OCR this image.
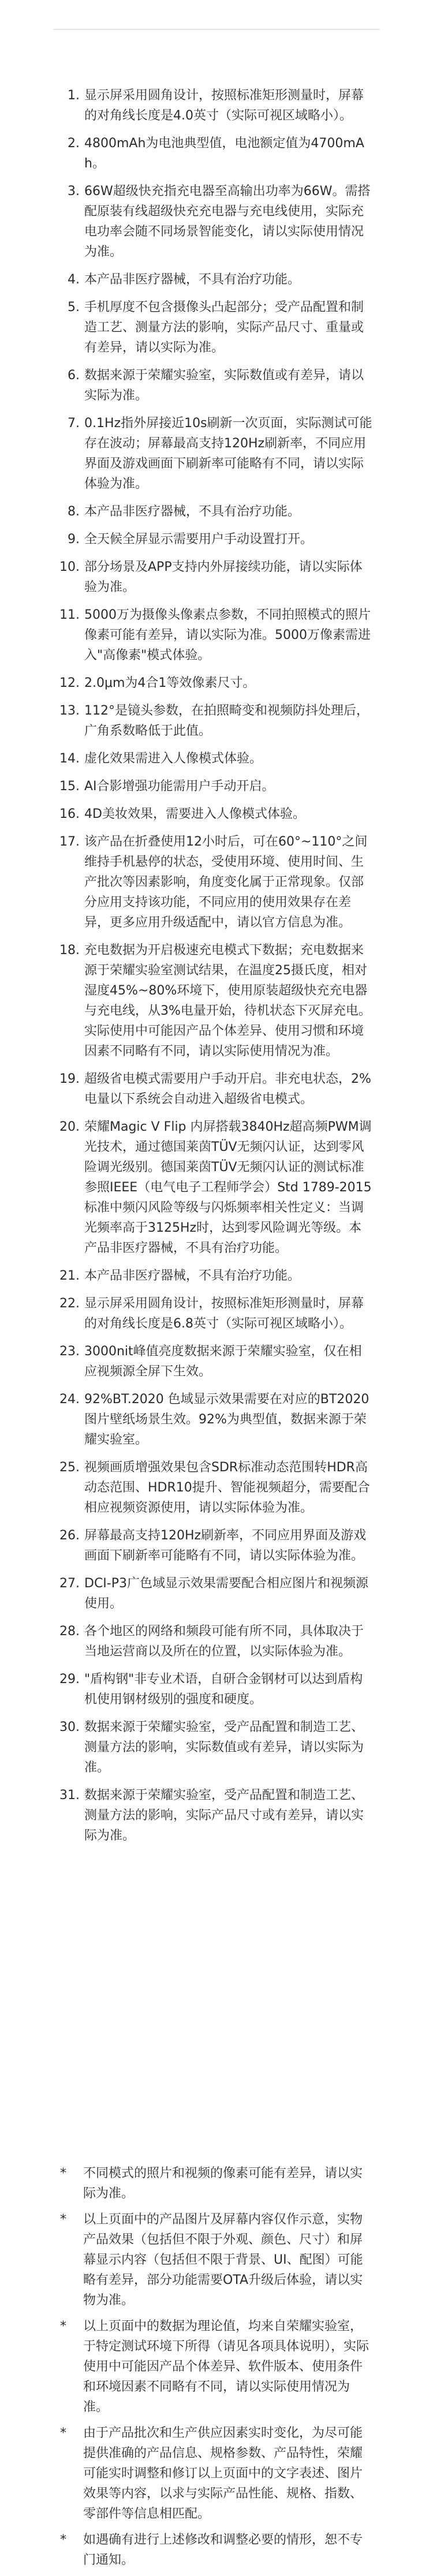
1. 显示屏采用圆角设计，按照标准矩形测量时，屏幕的对角线长度是4.0英寸（实际可视区域略小）。
2. 4800mAh为电池典型值，电池额定值为4700mAh。
3. 66W超级快充指充电器至高输出功率为66W。需搭配原装有线超级快充充电器与充电线使用，实际充电功率会随不同场景智能变化，请以实际使用情况为准。
4. 本产品非医疗器械，不具有治疗功能。
5. 手机厚度不包含摄像头凸起部分；受产品配置和制造工艺、测量方法的影响，实际产品尺寸、重量或有差异，请以实际为准。
6. 数据来源于荣耀实验室，实际数值或有差异，请以实际为准。
7. 0.1Hz指外屏接近10s刷新一次页面，实际测试可能存在波动；屏幕最高支持120Hz刷新率，不同应用界面及游戏画面下刷新率可能略有不同，请以实际体验为准。
8. 本产品非医疗器械，不具有治疗功能。
9. 全天候全屏显示需要用户手动设置打开。
10. 部分场景及APP支持内外屏接续功能，请以实际体验为准。
11. 5000万为摄像头像素点参数，不同拍照模式的照片像素可能有差异，请以实际为准。5000万像素需进入"高像素"模式体验。
12. 2.0μm为4合1等效像素尺寸。
13. 112°是镜头参数，在拍照畸变和视频防抖处理后，广角系数略低于此值。
14. 虚化效果需进入人像模式体验。
15. AI合影增强功能需用户手动开启。
16. 4D美妆效果，需要进入人像模式体验。
17. 该产品在折叠使用12小时后，可在60°~110°之间维持手机悬停的状态，受使用环境、使用时间、生产批次等因素影响，角度变化属于正常现象。仅部分应用支持该功能，不同应用的使用效果存在差异，更多应用升级适配中，请以官方信息为准。
18. 充电数据为开启极速充电模式下数据；充电数据来源于荣耀实验室测试结果，在温度25摄氏度，相对湿度45%~80%环境下，使用原装超级快充充电器与充电线，从3%电量开始，待机状态下灭屏充电。实际使用中可能因产品个体差异、使用习惯和环境因素不同略有不同，请以实际使用情况为准。
19. 超级省电模式需要用户手动开启。非充电状态，2%电量以下系统会自动进入超级省电模式。
20. 荣耀Magic V Flip 内屏搭载3840Hz超高频PWM调光技术，通过德国莱茵TÜV无频闪认证，达到零风险调光级别。德国莱茵TÜV无频闪认证的测试标准参照IEEE（电气电子工程师学会）Std 1789-2015标准中频闪风险等级与闪烁频率相关性定义：当调光频率高于3125Hz时，达到零风险调光等级。本产品非医疗器械，不具有治疗功能。
21. 本产品非医疗器械，不具有治疗功能。
22. 显示屏采用圆角设计，按照标准矩形测量时，屏幕的对角线长度是6.8英寸（实际可视区域略小）。
23. 3000nit峰值亮度数据来源于荣耀实验室，仅在相应视频源全屏下生效。
24. 92%BT.2020 色域显示效果需要在对应的BT2020图片壁纸场景生效。92%为典型值，数据来源于荣耀实验室。
25. 视频画质增强效果包含SDR标准动态范围转HDR高动态范围、HDR10提升、智能视频超分，需要配合相应视频资源使用，请以实际体验为准。
26. 屏幕最高支持120Hz刷新率，不同应用界面及游戏画面下刷新率可能略有不同，请以实际体验为准。
27. DCI-P3广色域显示效果需要配合相应图片和视频源使用。
28. 各个地区的网络和频段可能有所不同，具体取决于当地运营商以及所在的位置，以实际体验为准。
29. "盾构钢"非专业术语，自研合金钢材可以达到盾构机使用钢材级别的强度和硬度。
30. 数据来源于荣耀实验室，受产品配置和制造工艺、测量方法的影响，实际数值或有差异，请以实际为准。
31. 数据来源于荣耀实验室，受产品配置和制造工艺、测量方法的影响，实际产品尺寸或有差异，请以实际为准。
* 不同模式的照片和视频的像素可能有差异，请以实际为准。
* 以上页面中的产品图片及屏幕内容仅作示意，实物产品效果（包括但不限于外观、颜色、尺寸）和屏幕显示内容（包括但不限于背景、UI、配图）可能略有差异，部分功能需要OTA升级后体验，请以实物为准。
* 以上页面中的数据为理论值，均来自荣耀实验室，于特定测试环境下所得（请见各项具体说明），实际使用中可能因产品个体差异、软件版本、使用条件和环境因素不同略有不同，请以实际使用情况为准。
* 由于产品批次和生产供应因素实时变化，为尽可能提供准确的产品信息、规格参数、产品特性，荣耀可能实时调整和修订以上页面中的文字表述、图片效果等内容，以求与实际产品性能、规格、指数、零部件等信息相匹配。
* 如遇确有进行上述修改和调整必要的情形，恕不专门通知。
